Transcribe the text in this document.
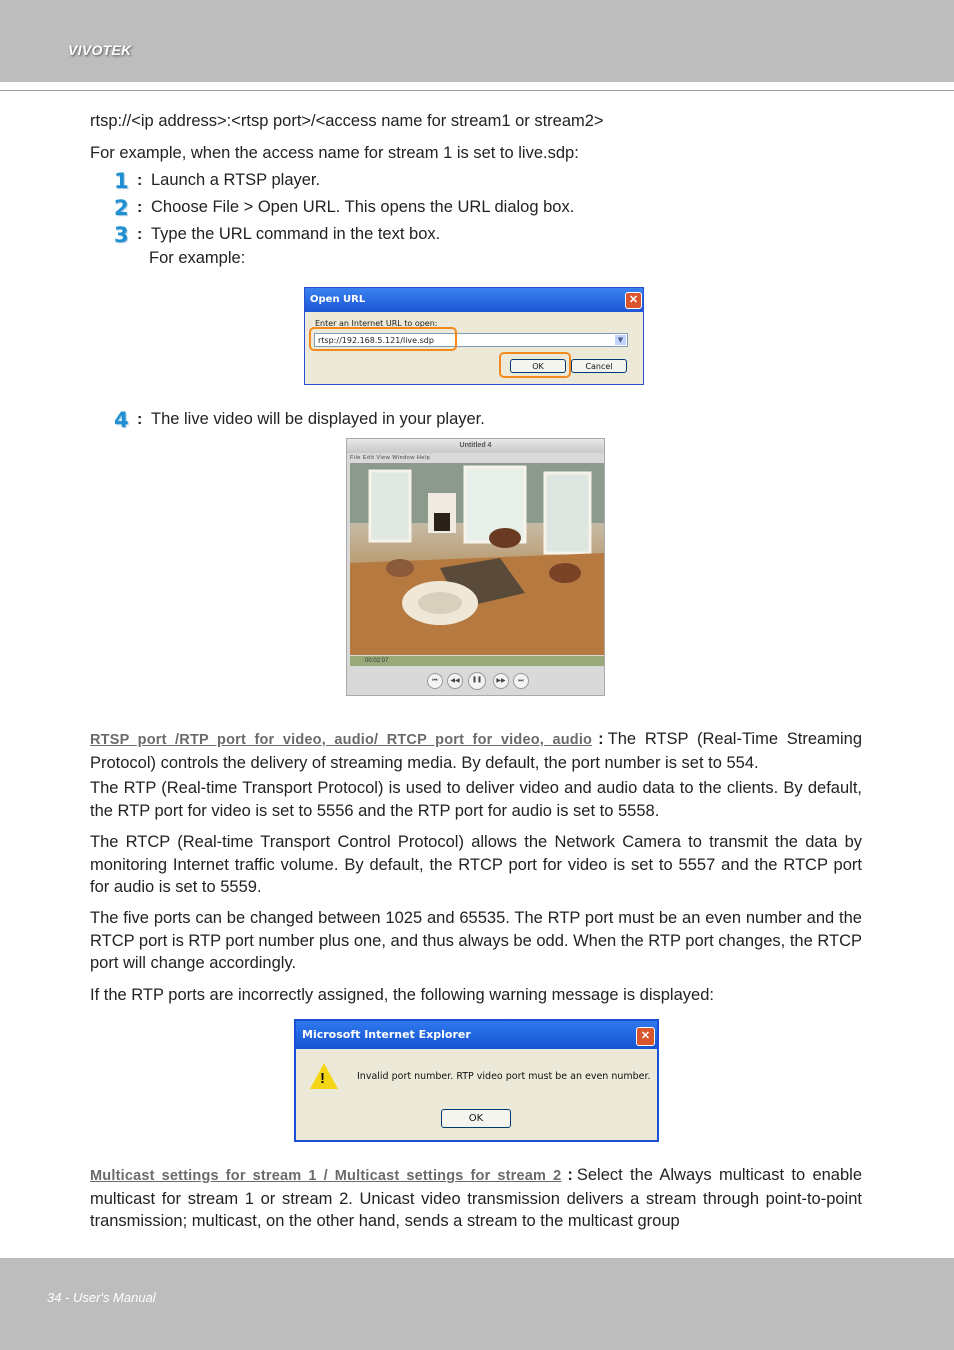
VIVOTEK
rtsp://<ip address>:<rtsp port>/<access name for stream1 or stream2>
For example, when the access name for stream 1 is set to live.sdp:
1 : Launch a RTSP player.
2 : Choose File > Open URL. This opens the URL dialog box.
3 : Type the URL command in the text box.
For example:
Open URL	✕
Enter an Internet URL to open:
rtsp://192.168.5.121/live.sdp	▼
OK	Cancel
4 : The live video will be displayed in your player.
Untitled 4
File Edit View Window Help
00:02:07
⏮	◀◀	❚❚	▶▶	⏭
RTSP port /RTP port for video, audio/ RTCP port for video, audio : The RTSP (Real-Time Streaming Protocol) controls the delivery of streaming media. By default, the port number is set to 554.
The RTP (Real-time Transport Protocol) is used to deliver video and audio data to the clients. By default, the RTP port for video is set to 5556 and the RTP port for audio is set to 5558.
The RTCP (Real-time Transport Control Protocol) allows the Network Camera to transmit the data by monitoring Internet traffic volume. By default, the RTCP port for video is set to 5557 and the RTCP port for audio is set to 5559.
The five ports can be changed between 1025 and 65535. The RTP port must be an even number and the RTCP port is RTP port number plus one, and thus always be odd. When the RTP port changes, the RTCP port will change accordingly.
If the RTP ports are incorrectly assigned, the following warning message is displayed:
Microsoft Internet Explorer	✕
!	Invalid port number. RTP video port must be an even number.
OK
Multicast settings for stream 1 / Multicast settings for stream 2 : Select the Always multicast to enable multicast for stream 1 or stream 2. Unicast video transmission delivers a stream through point-to-point transmission; multicast, on the other hand, sends a stream to the multicast group
34 - User's Manual
